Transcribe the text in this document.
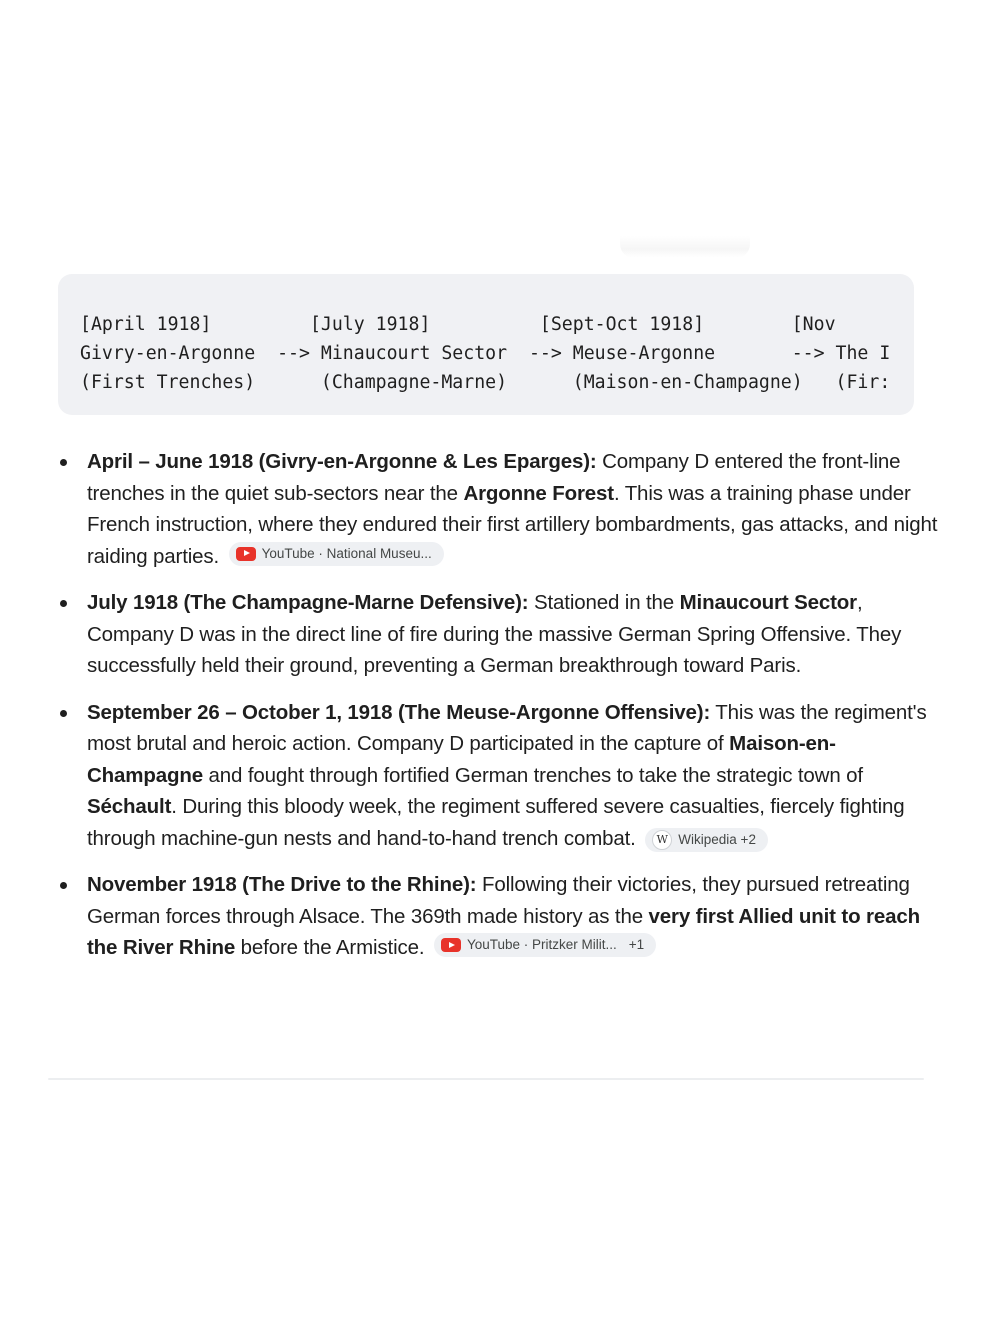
[April 1918]         [July 1918]          [Sept-Oct 1918]        [Nov
Givry-en-Argonne  --> Minaucourt Sector  --> Meuse-Argonne       --> The I
(First Trenches)      (Champagne-Marne)      (Maison-en-Champagne)   (Fir:
April – June 1918 (Givry-en-Argonne & Les Eparges): Company D entered the front-line trenches in the quiet sub-sectors near the Argonne Forest. This was a training phase under French instruction, where they endured their first artillery bombardments, gas attacks, and night raiding parties.	YouTube · National Museu...
July 1918 (The Champagne-Marne Defensive): Stationed in the Minaucourt Sector, Company D was in the direct line of fire during the massive German Spring Offensive. They successfully held their ground, preventing a German breakthrough toward Paris.
September 26 – October 1, 1918 (The Meuse-Argonne Offensive): This was the regiment's most brutal and heroic action. Company D participated in the capture of Maison-en-Champagne and fought through fortified German trenches to take the strategic town of Séchault. During this bloody week, the regiment suffered severe casualties, fiercely fighting through machine-gun nests and hand-to-hand trench combat.	W Wikipedia +2
November 1918 (The Drive to the Rhine): Following their victories, they pursued retreating German forces through Alsace. The 369th made history as the very first Allied unit to reach the River Rhine before the Armistice.	YouTube · Pritzker Milit... +1
